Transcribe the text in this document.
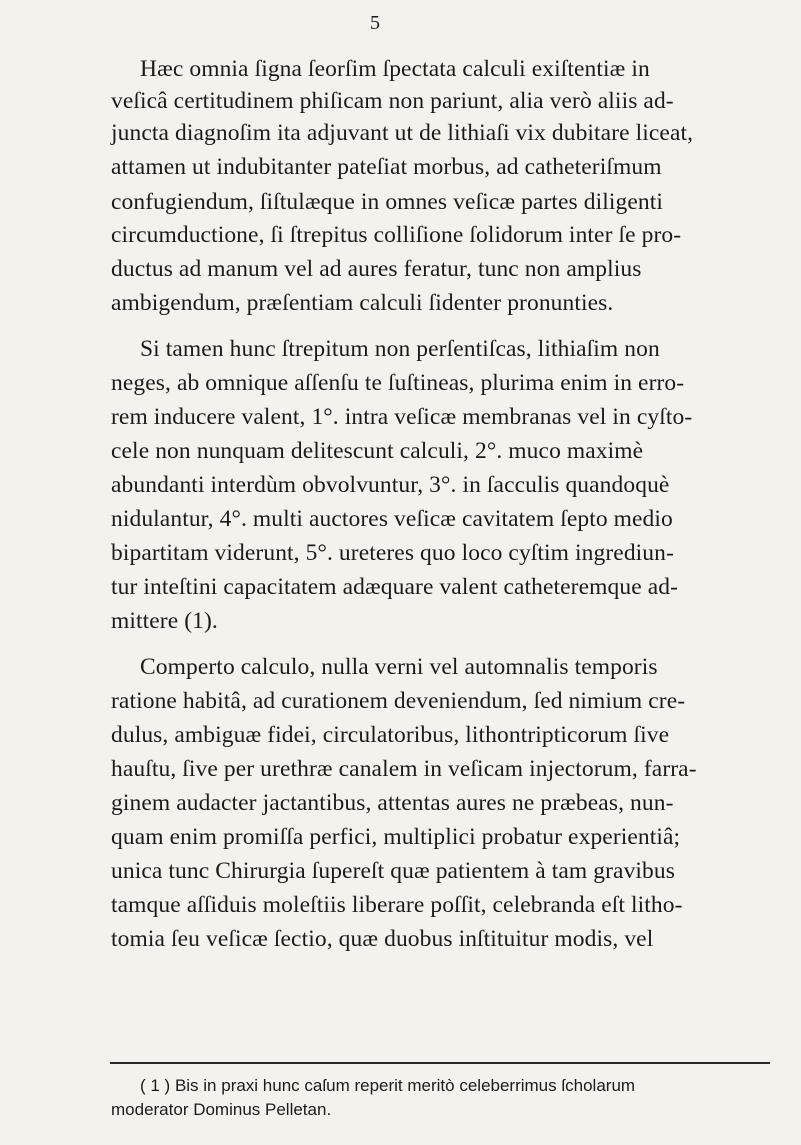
5
Hæc omnia ſigna ſeorſim ſpectata calculi exiſtentiæ in
veſicâ certitudinem phiſicam non pariunt, alia verò aliis ad-
juncta diagnoſim ita adjuvant ut de lithiaſi vix dubitare liceat,
attamen ut indubitanter pateſiat morbus, ad catheteriſmum
confugiendum, ſiſtulæque in omnes veſicæ partes diligenti
circumductione, ſi ſtrepitus colliſione ſolidorum inter ſe pro-
ductus ad manum vel ad aures feratur, tunc non amplius
ambigendum, præſentiam calculi ſidenter pronunties.
Si tamen hunc ſtrepitum non perſentiſcas, lithiaſim non
neges, ab omnique aſſenſu te ſuſtineas, plurima enim in erro-
rem inducere valent, 1°. intra veſicæ membranas vel in cyſto-
cele non nunquam delitescunt calculi, 2°. muco maximè
abundanti interdùm obvolvuntur, 3°. in ſacculis quandoquè
nidulantur, 4°. multi auctores veſicæ cavitatem ſepto medio
bipartitam viderunt, 5°. ureteres quo loco cyſtim ingrediun-
tur inteſtini capacitatem adæquare valent catheteremque ad-
mittere (1).
Comperto calculo, nulla verni vel automnalis temporis
ratione habitâ, ad curationem deveniendum, ſed nimium cre-
dulus, ambiguæ fidei, circulatoribus, lithontripticorum ſive
hauſtu, ſive per urethræ canalem in veſicam injectorum, farra-
ginem audacter jactantibus, attentas aures ne præbeas, nun-
quam enim promiſſa perfici, multiplici probatur experientiâ;
unica tunc Chirurgia ſupereſt quæ patientem à tam gravibus
tamque aſſiduis moleſtiis liberare poſſit, celebranda eſt litho-
tomia ſeu veſicæ ſectio, quæ duobus inſtituitur modis, vel
( 1 ) Bis in praxi hunc caſum reperit meritò celeberrimus ſcholarum
moderator Dominus Pelletan.
